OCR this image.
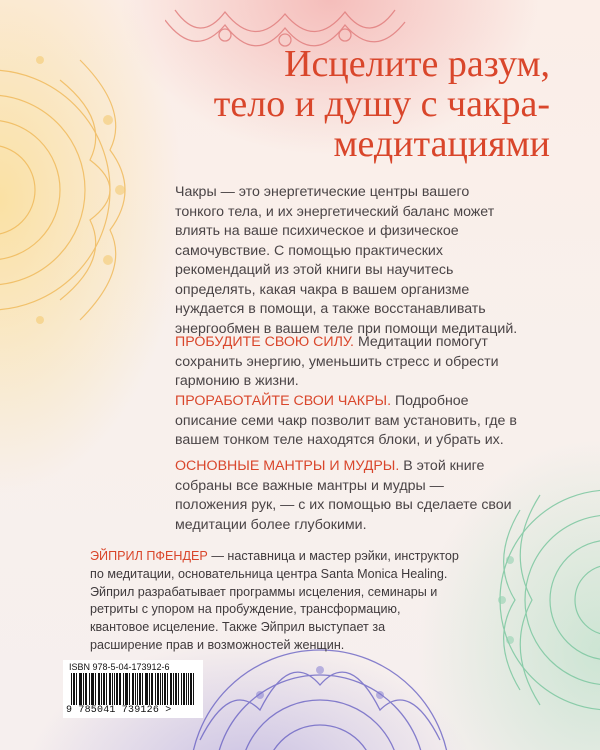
Исцелите разум,
тело и душу с чакра-
медитациями

Чакры — это энергетические центры вашего тонкого тела, и их энергетический баланс может влиять на ваше психическое и физическое самочувствие. С помощью практических рекомендаций из этой книги вы научитесь определять, какая чакра в вашем организме нуждается в помощи, а также восстанавливать энергообмен в вашем теле при помощи медитаций.

ПРОБУДИТЕ СВОЮ СИЛУ. Медитации помогут сохранить энергию, уменьшить стресс и обрести гармонию в жизни.

ПРОРАБОТАЙТЕ СВОИ ЧАКРЫ. Подробное описание семи чакр позволит вам установить, где в вашем тонком теле находятся блоки, и убрать их.

ОСНОВНЫЕ МАНТРЫ И МУДРЫ. В этой книге собраны все важные мантры и мудры — положения рук, — с их помощью вы сделаете свои медитации более глубокими.

ЭЙПРИЛ ПФЕНДЕР — наставница и мастер рэйки, инструктор по медитации, основательница центра Santa Monica Healing. Эйприл разрабатывает программы исцеления, семинары и ретриты с упором на пробуждение, трансформацию, квантовое исцеление. Также Эйприл выступает за расширение прав и возможностей женщин.

ISBN 978-5-04-173912-6
9 785041 739126 >
